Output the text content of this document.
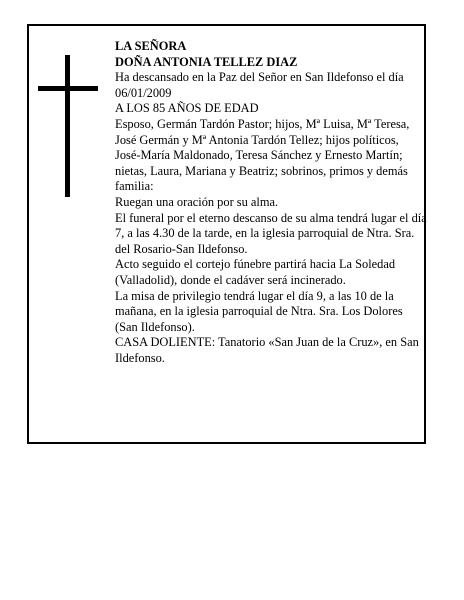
LA SEÑORA

DOÑA ANTONIA TELLEZ DIAZ

Ha descansado en la Paz del Señor en San Ildefonso el día 06/01/2009

A LOS 85 AÑOS DE EDAD

Esposo, Germán Tardón Pastor; hijos, Mª Luisa, Mª Teresa, José Germán y Mª Antonia Tardón Tellez; hijos políticos, José-María Maldonado, Teresa Sánchez y Ernesto Martín; nietas, Laura, Mariana y Beatriz; sobrinos, primos y demás familia:

Ruegan una oración por su alma.

El funeral por el eterno descanso de su alma tendrá lugar el día 7, a las 4.30 de la tarde, en la iglesia parroquial de Ntra. Sra. del Rosario-San Ildefonso.

Acto seguido el cortejo fúnebre partirá hacia La Soledad (Valladolid), donde el cadáver será incinerado.

La misa de privilegio tendrá lugar el día 9, a las 10 de la mañana, en la iglesia parroquial de Ntra. Sra. Los Dolores (San Ildefonso).

CASA DOLIENTE: Tanatorio «San Juan de la Cruz», en San Ildefonso.
